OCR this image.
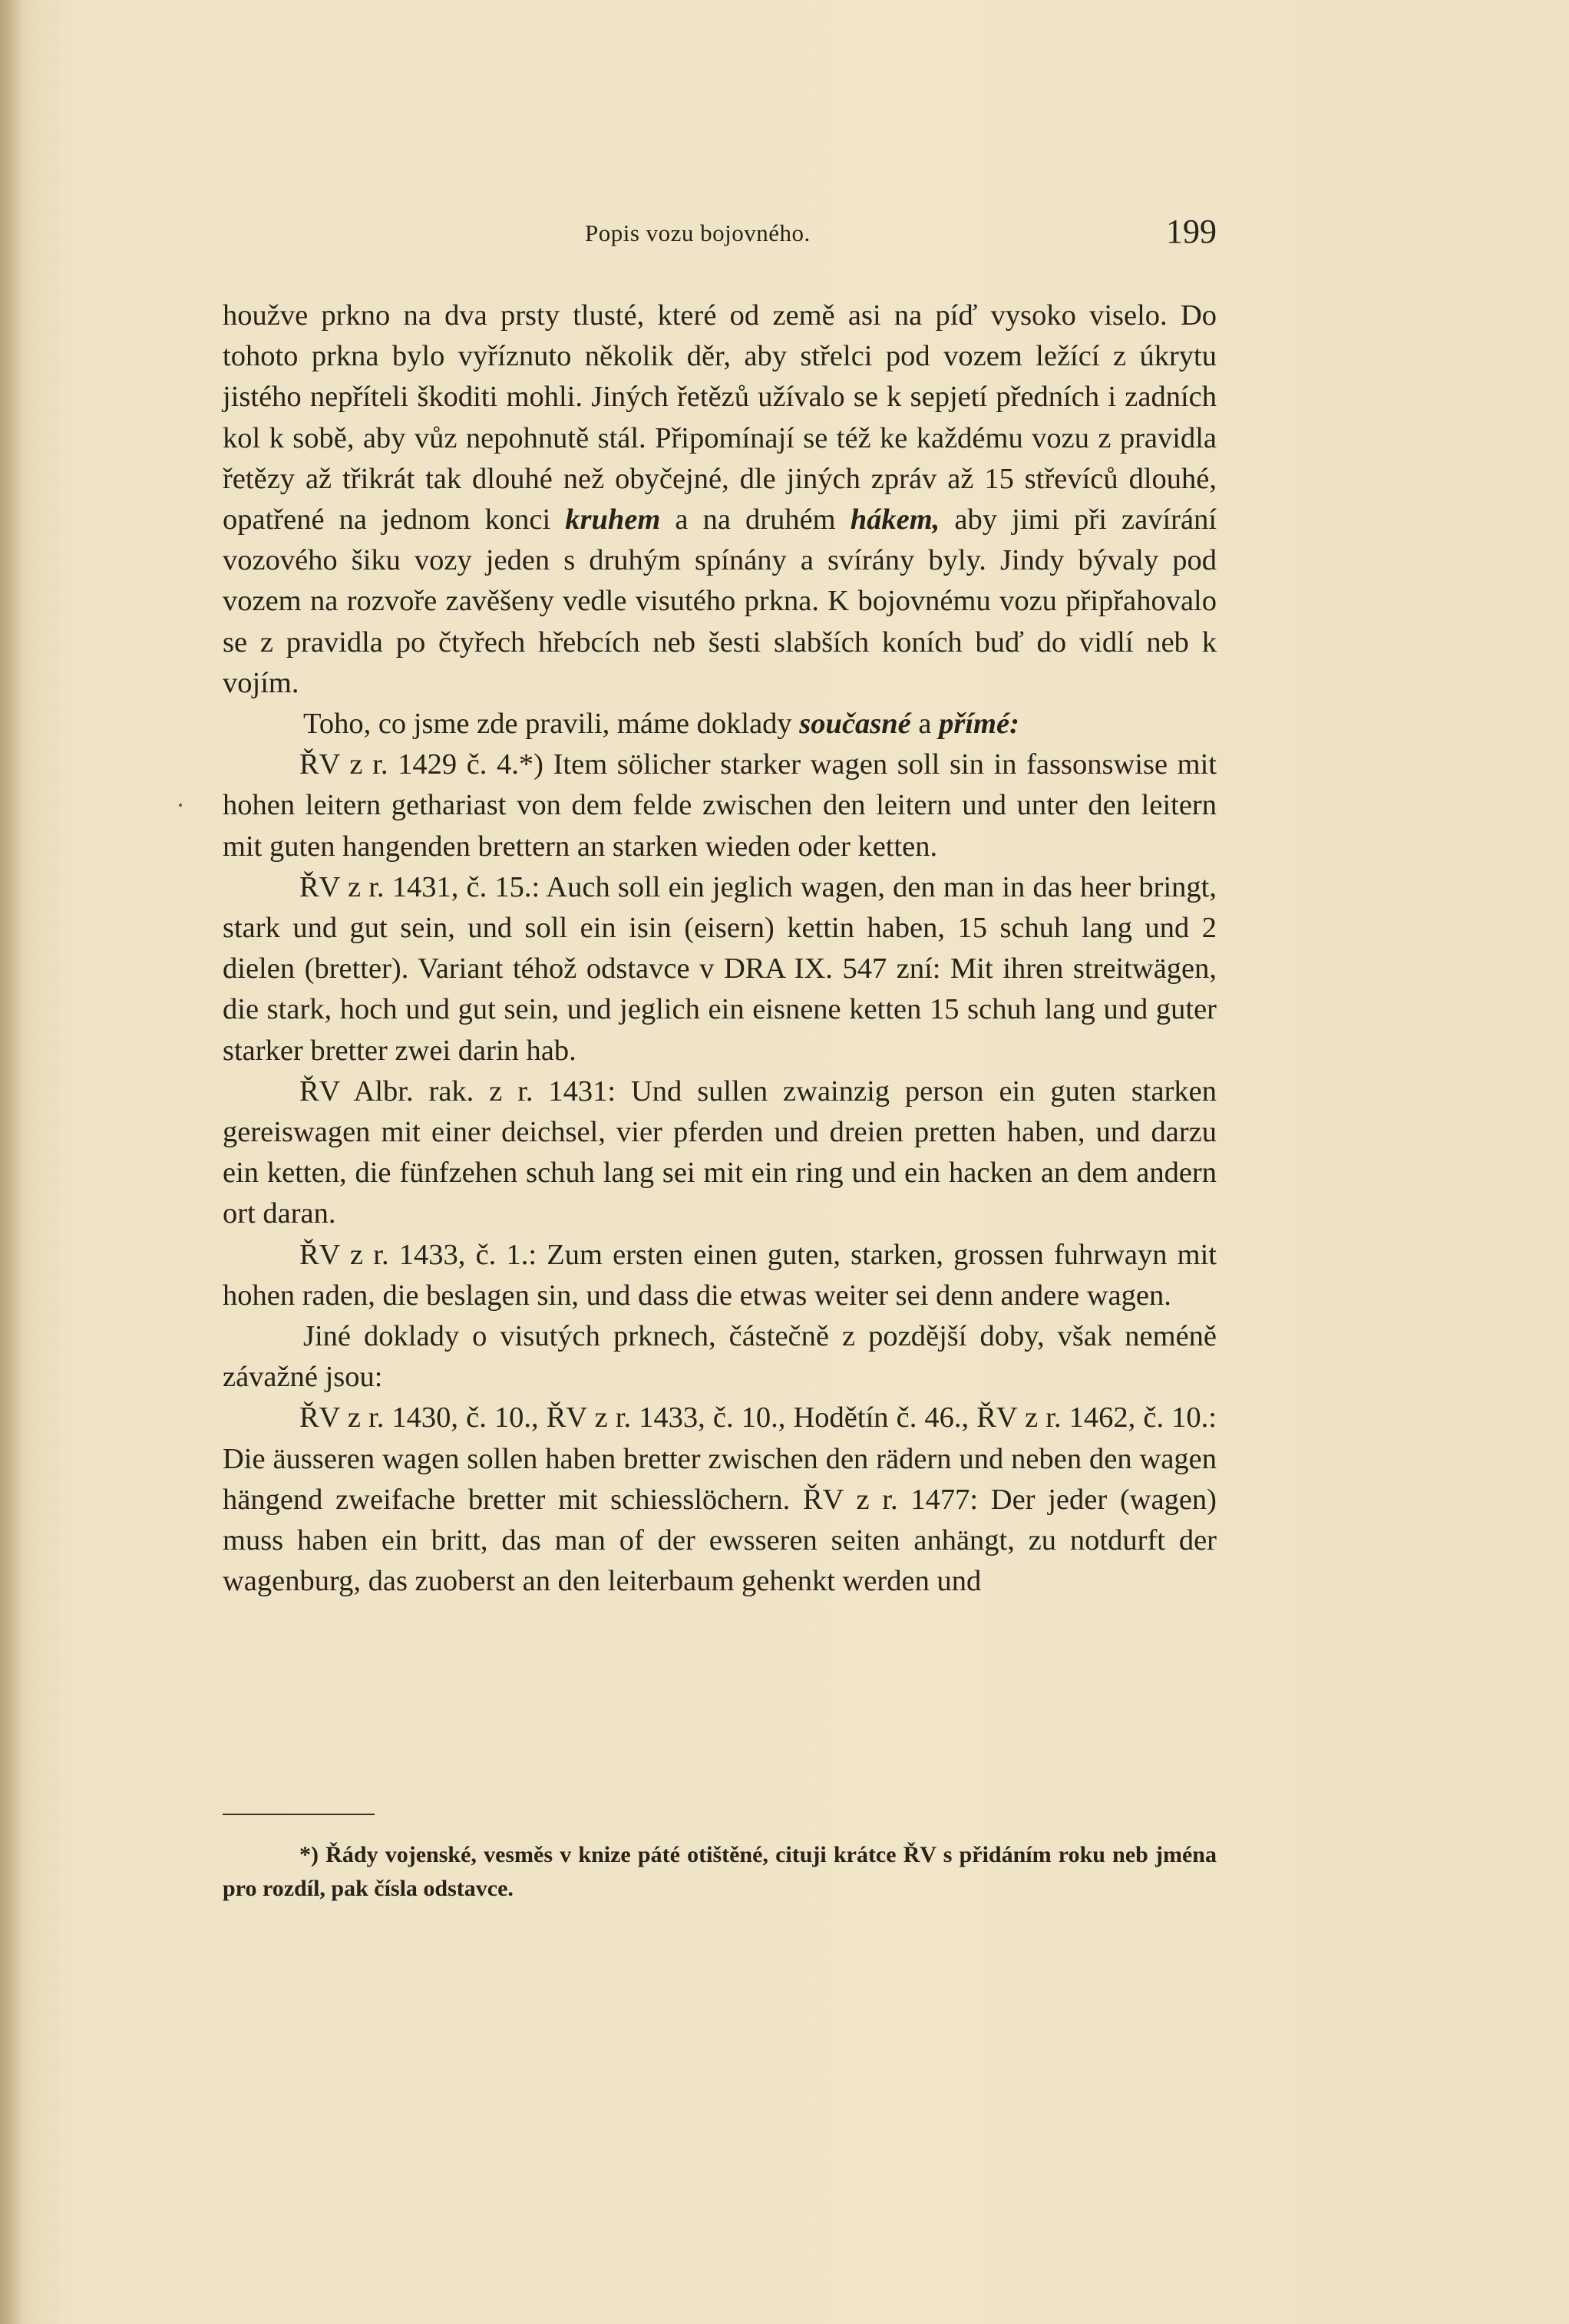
Popis vozu bojovného.	199

houžve prkno na dva prsty tlusté, které od země asi na píď vysoko viselo. Do tohoto prkna bylo vyříznuto několik děr, aby střelci pod vozem ležící z úkrytu jistého nepříteli škoditi mohli. Jiných řetězů užívalo se k sepjetí předních i zadních kol k sobě, aby vůz nepohnutě stál. Připomínají se též ke každému vozu z pravidla řetězy až třikrát tak dlouhé než obyčejné, dle jiných zpráv až 15 střevíců dlouhé, opatřené na jednom konci kruhem a na druhém hákem, aby jimi při zavírání vozového šiku vozy jeden s druhým spínány a svírány byly. Jindy bývaly pod vozem na rozvoře zavěšeny vedle visutého prkna. K bojovnému vozu připřahovalo se z pravidla po čtyřech hřebcích neb šesti slabších koních buď do vidlí neb k vojím.

Toho, co jsme zde pravili, máme doklady současné a přímé:

ŘV z r. 1429 č. 4.*) Item sölicher starker wagen soll sin in fassonswise mit hohen leitern gethariast von dem felde zwischen den leitern und unter den leitern mit guten hangenden brettern an starken wieden oder ketten.

ŘV z r. 1431, č. 15.: Auch soll ein jeglich wagen, den man in das heer bringt, stark und gut sein, und soll ein isin (eisern) kettin haben, 15 schuh lang und 2 dielen (bretter). Variant téhož odstavce v DRA IX. 547 zní: Mit ihren streitwägen, die stark, hoch und gut sein, und jeglich ein eisnene ketten 15 schuh lang und guter starker bretter zwei darin hab.

ŘV Albr. rak. z r. 1431: Und sullen zwainzig person ein guten starken gereiswagen mit einer deichsel, vier pferden und dreien pretten haben, und darzu ein ketten, die fünfzehen schuh lang sei mit ein ring und ein hacken an dem andern ort daran.

ŘV z r. 1433, č. 1.: Zum ersten einen guten, starken, grossen fuhrwayn mit hohen raden, die beslagen sin, und dass die etwas weiter sei denn andere wagen.

Jiné doklady o visutých prknech, částečně z pozdější doby, však neméně závažné jsou:

ŘV z r. 1430, č. 10., ŘV z r. 1433, č. 10., Hodětín č. 46., ŘV z r. 1462, č. 10.: Die äusseren wagen sollen haben bretter zwischen den rädern und neben den wagen hängend zweifache bretter mit schiesslöchern. ŘV z r. 1477: Der jeder (wagen) muss haben ein britt, das man of der ewsseren seiten anhängt, zu notdurft der wagenburg, das zuoberst an den leiterbaum gehenkt werden und

*) Řády vojenské, vesměs v knize páté otištěné, cituji krátce ŘV s přidáním roku neb jména pro rozdíl, pak čísla odstavce.
